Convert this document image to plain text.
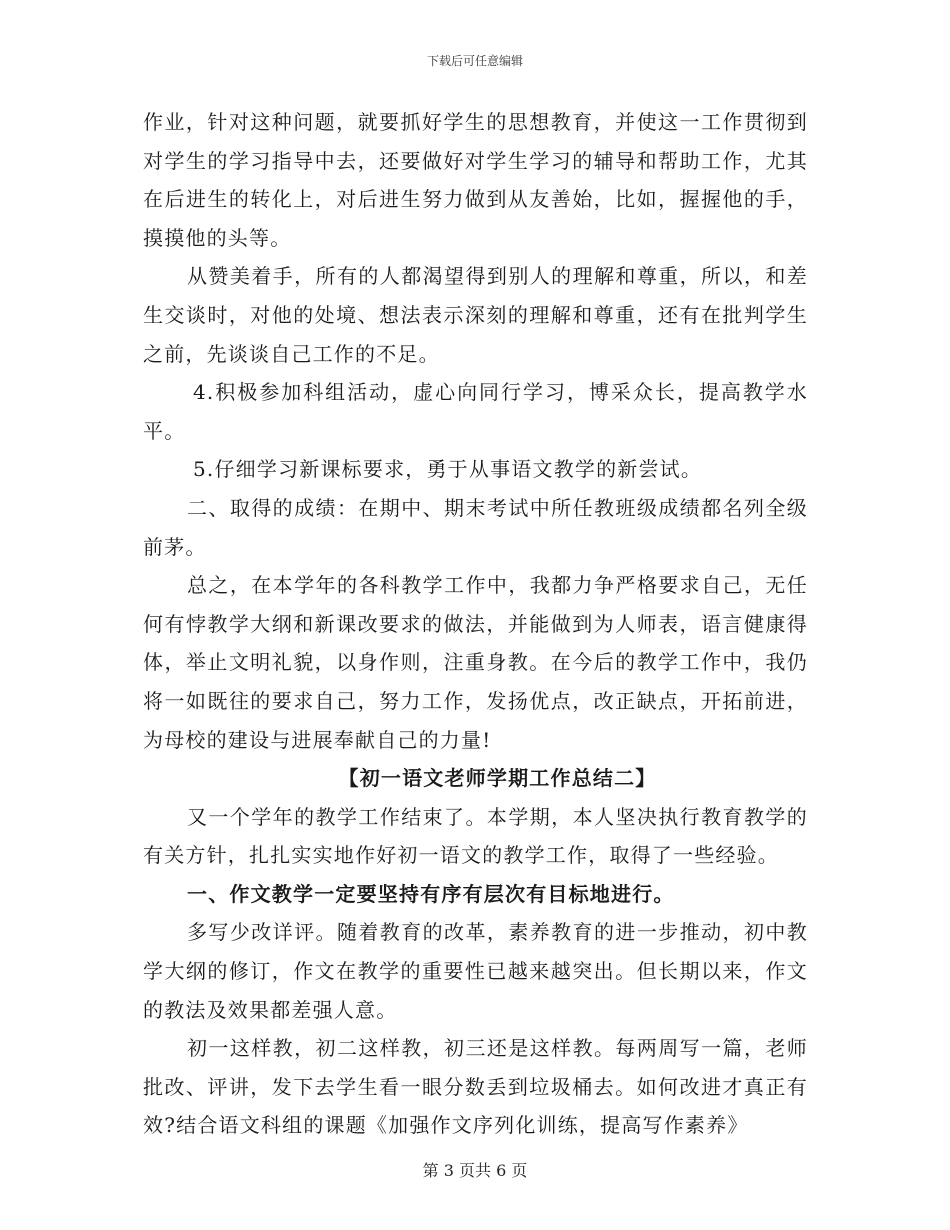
下载后可任意编辑

作业，针对这种问题，就要抓好学生的思想教育，并使这一工作贯彻到对学生的学习指导中去，还要做好对学生学习的辅导和帮助工作，尤其在后进生的转化上，对后进生努力做到从友善始，比如，握握他的手，摸摸他的头等。

从赞美着手，所有的人都渴望得到别人的理解和尊重，所以，和差生交谈时，对他的处境、想法表示深刻的理解和尊重，还有在批判学生之前，先谈谈自己工作的不足。

4.积极参加科组活动，虚心向同行学习，博采众长，提高教学水平。

5.仔细学习新课标要求，勇于从事语文教学的新尝试。

二、取得的成绩：在期中、期末考试中所任教班级成绩都名列全级前茅。

总之，在本学年的各科教学工作中，我都力争严格要求自己，无任何有悖教学大纲和新课改要求的做法，并能做到为人师表，语言健康得体，举止文明礼貌，以身作则，注重身教。在今后的教学工作中，我仍将一如既往的要求自己，努力工作，发扬优点，改正缺点，开拓前进，为母校的建设与进展奉献自己的力量!

【初一语文老师学期工作总结二】

又一个学年的教学工作结束了。本学期，本人坚决执行教育教学的有关方针，扎扎实实地作好初一语文的教学工作，取得了一些经验。

一、作文教学一定要坚持有序有层次有目标地进行。

多写少改详评。随着教育的改革，素养教育的进一步推动，初中教学大纲的修订，作文在教学的重要性已越来越突出。但长期以来，作文的教法及效果都差强人意。

初一这样教，初二这样教，初三还是这样教。每两周写一篇，老师批改、评讲，发下去学生看一眼分数丢到垃圾桶去。如何改进才真正有效?结合语文科组的课题《加强作文序列化训练，提高写作素养》

第 3 页共 6 页
